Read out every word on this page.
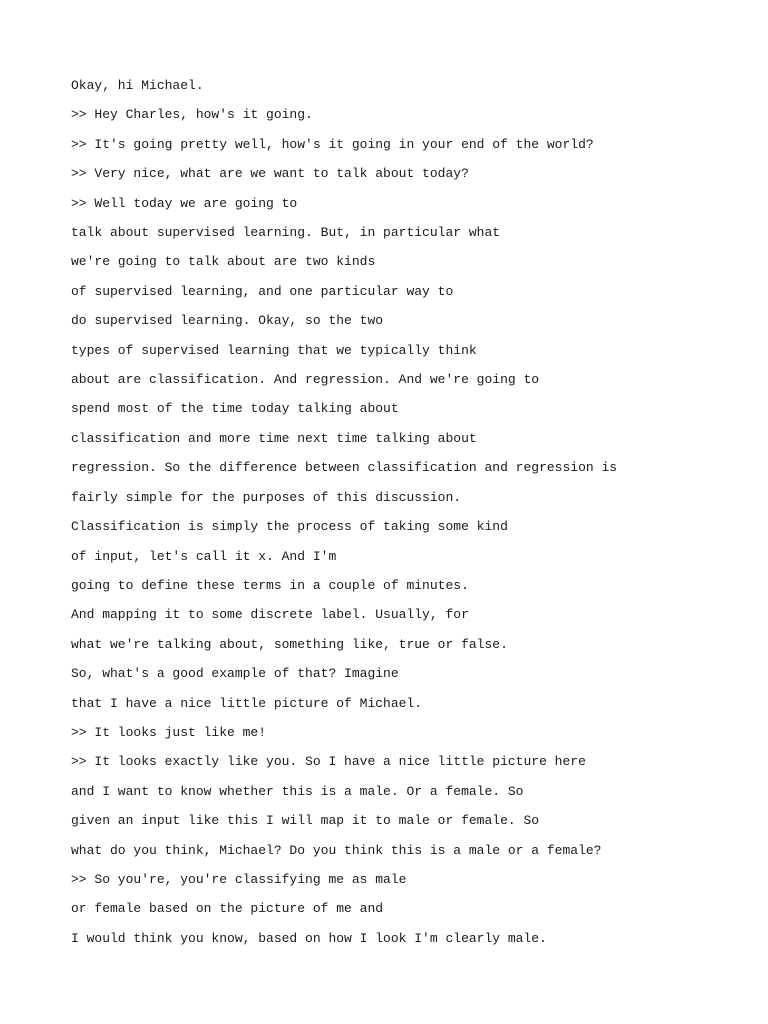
Okay, hi Michael.
>> Hey Charles, how's it going.
>> It's going pretty well, how's it going in your end of the world?
>> Very nice, what are we want to talk about today?
>> Well today we are going to
talk about supervised learning. But, in particular what
we're going to talk about are two kinds
of supervised learning, and one particular way to
do supervised learning. Okay, so the two
types of supervised learning that we typically think
about are classification. And regression. And we're going to
spend most of the time today talking about
classification and more time next time talking about
regression. So the difference between classification and regression is
fairly simple for the purposes of this discussion.
Classification is simply the process of taking some kind
of input, let's call it x. And I'm
going to define these terms in a couple of minutes.
And mapping it to some discrete label. Usually, for
what we're talking about, something like, true or false.
So, what's a good example of that? Imagine
that I have a nice little picture of Michael.
>> It looks just like me!
>> It looks exactly like you. So I have a nice little picture here
and I want to know whether this is a male. Or a female. So
given an input like this I will map it to male or female. So
what do you think, Michael? Do you think this is a male or a female?
>> So you're, you're classifying me as male
or female based on the picture of me and
I would think you know, based on how I look I'm clearly male.
